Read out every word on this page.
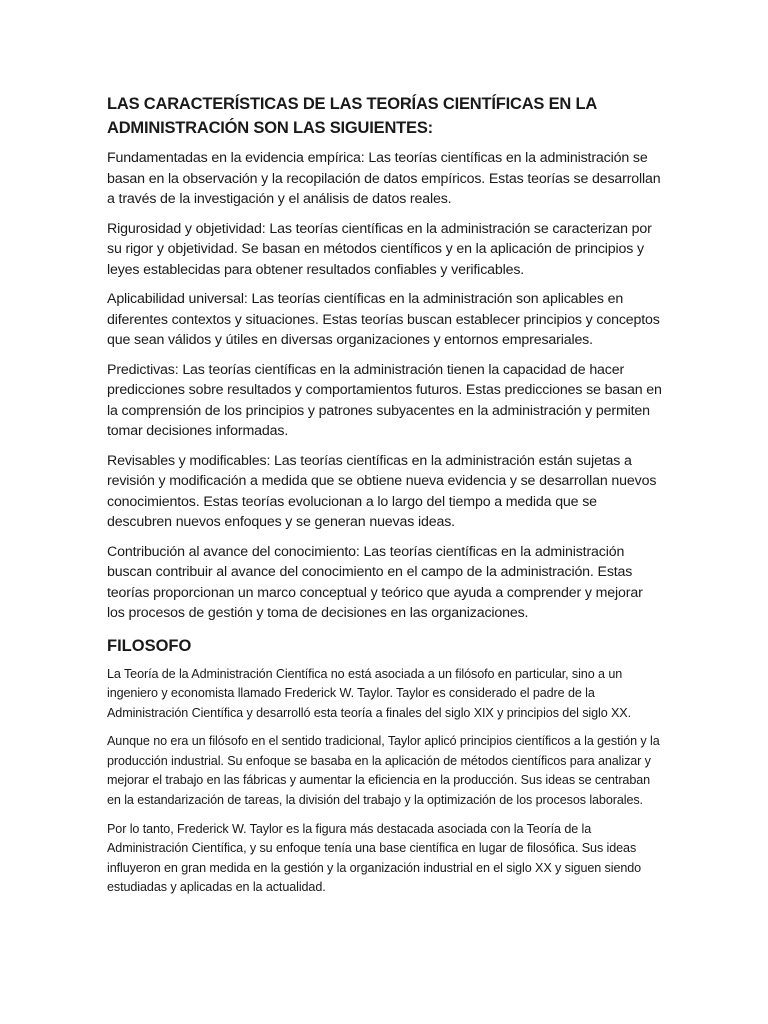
LAS CARACTERÍSTICAS DE LAS TEORÍAS CIENTÍFICAS EN LA ADMINISTRACIÓN SON LAS SIGUIENTES:

Fundamentadas en la evidencia empírica: Las teorías científicas en la administración se basan en la observación y la recopilación de datos empíricos. Estas teorías se desarrollan a través de la investigación y el análisis de datos reales.

Rigurosidad y objetividad: Las teorías científicas en la administración se caracterizan por su rigor y objetividad. Se basan en métodos científicos y en la aplicación de principios y leyes establecidas para obtener resultados confiables y verificables.

Aplicabilidad universal: Las teorías científicas en la administración son aplicables en diferentes contextos y situaciones. Estas teorías buscan establecer principios y conceptos que sean válidos y útiles en diversas organizaciones y entornos empresariales.

Predictivas: Las teorías científicas en la administración tienen la capacidad de hacer predicciones sobre resultados y comportamientos futuros. Estas predicciones se basan en la comprensión de los principios y patrones subyacentes en la administración y permiten tomar decisiones informadas.

Revisables y modificables: Las teorías científicas en la administración están sujetas a revisión y modificación a medida que se obtiene nueva evidencia y se desarrollan nuevos conocimientos. Estas teorías evolucionan a lo largo del tiempo a medida que se descubren nuevos enfoques y se generan nuevas ideas.

Contribución al avance del conocimiento: Las teorías científicas en la administración buscan contribuir al avance del conocimiento en el campo de la administración. Estas teorías proporcionan un marco conceptual y teórico que ayuda a comprender y mejorar los procesos de gestión y toma de decisiones en las organizaciones.

FILOSOFO

La Teoría de la Administración Científica no está asociada a un filósofo en particular, sino a un ingeniero y economista llamado Frederick W. Taylor. Taylor es considerado el padre de la Administración Científica y desarrolló esta teoría a finales del siglo XIX y principios del siglo XX.

Aunque no era un filósofo en el sentido tradicional, Taylor aplicó principios científicos a la gestión y la producción industrial. Su enfoque se basaba en la aplicación de métodos científicos para analizar y mejorar el trabajo en las fábricas y aumentar la eficiencia en la producción. Sus ideas se centraban en la estandarización de tareas, la división del trabajo y la optimización de los procesos laborales.

Por lo tanto, Frederick W. Taylor es la figura más destacada asociada con la Teoría de la Administración Científica, y su enfoque tenía una base científica en lugar de filosófica. Sus ideas influyeron en gran medida en la gestión y la organización industrial en el siglo XX y siguen siendo estudiadas y aplicadas en la actualidad.
